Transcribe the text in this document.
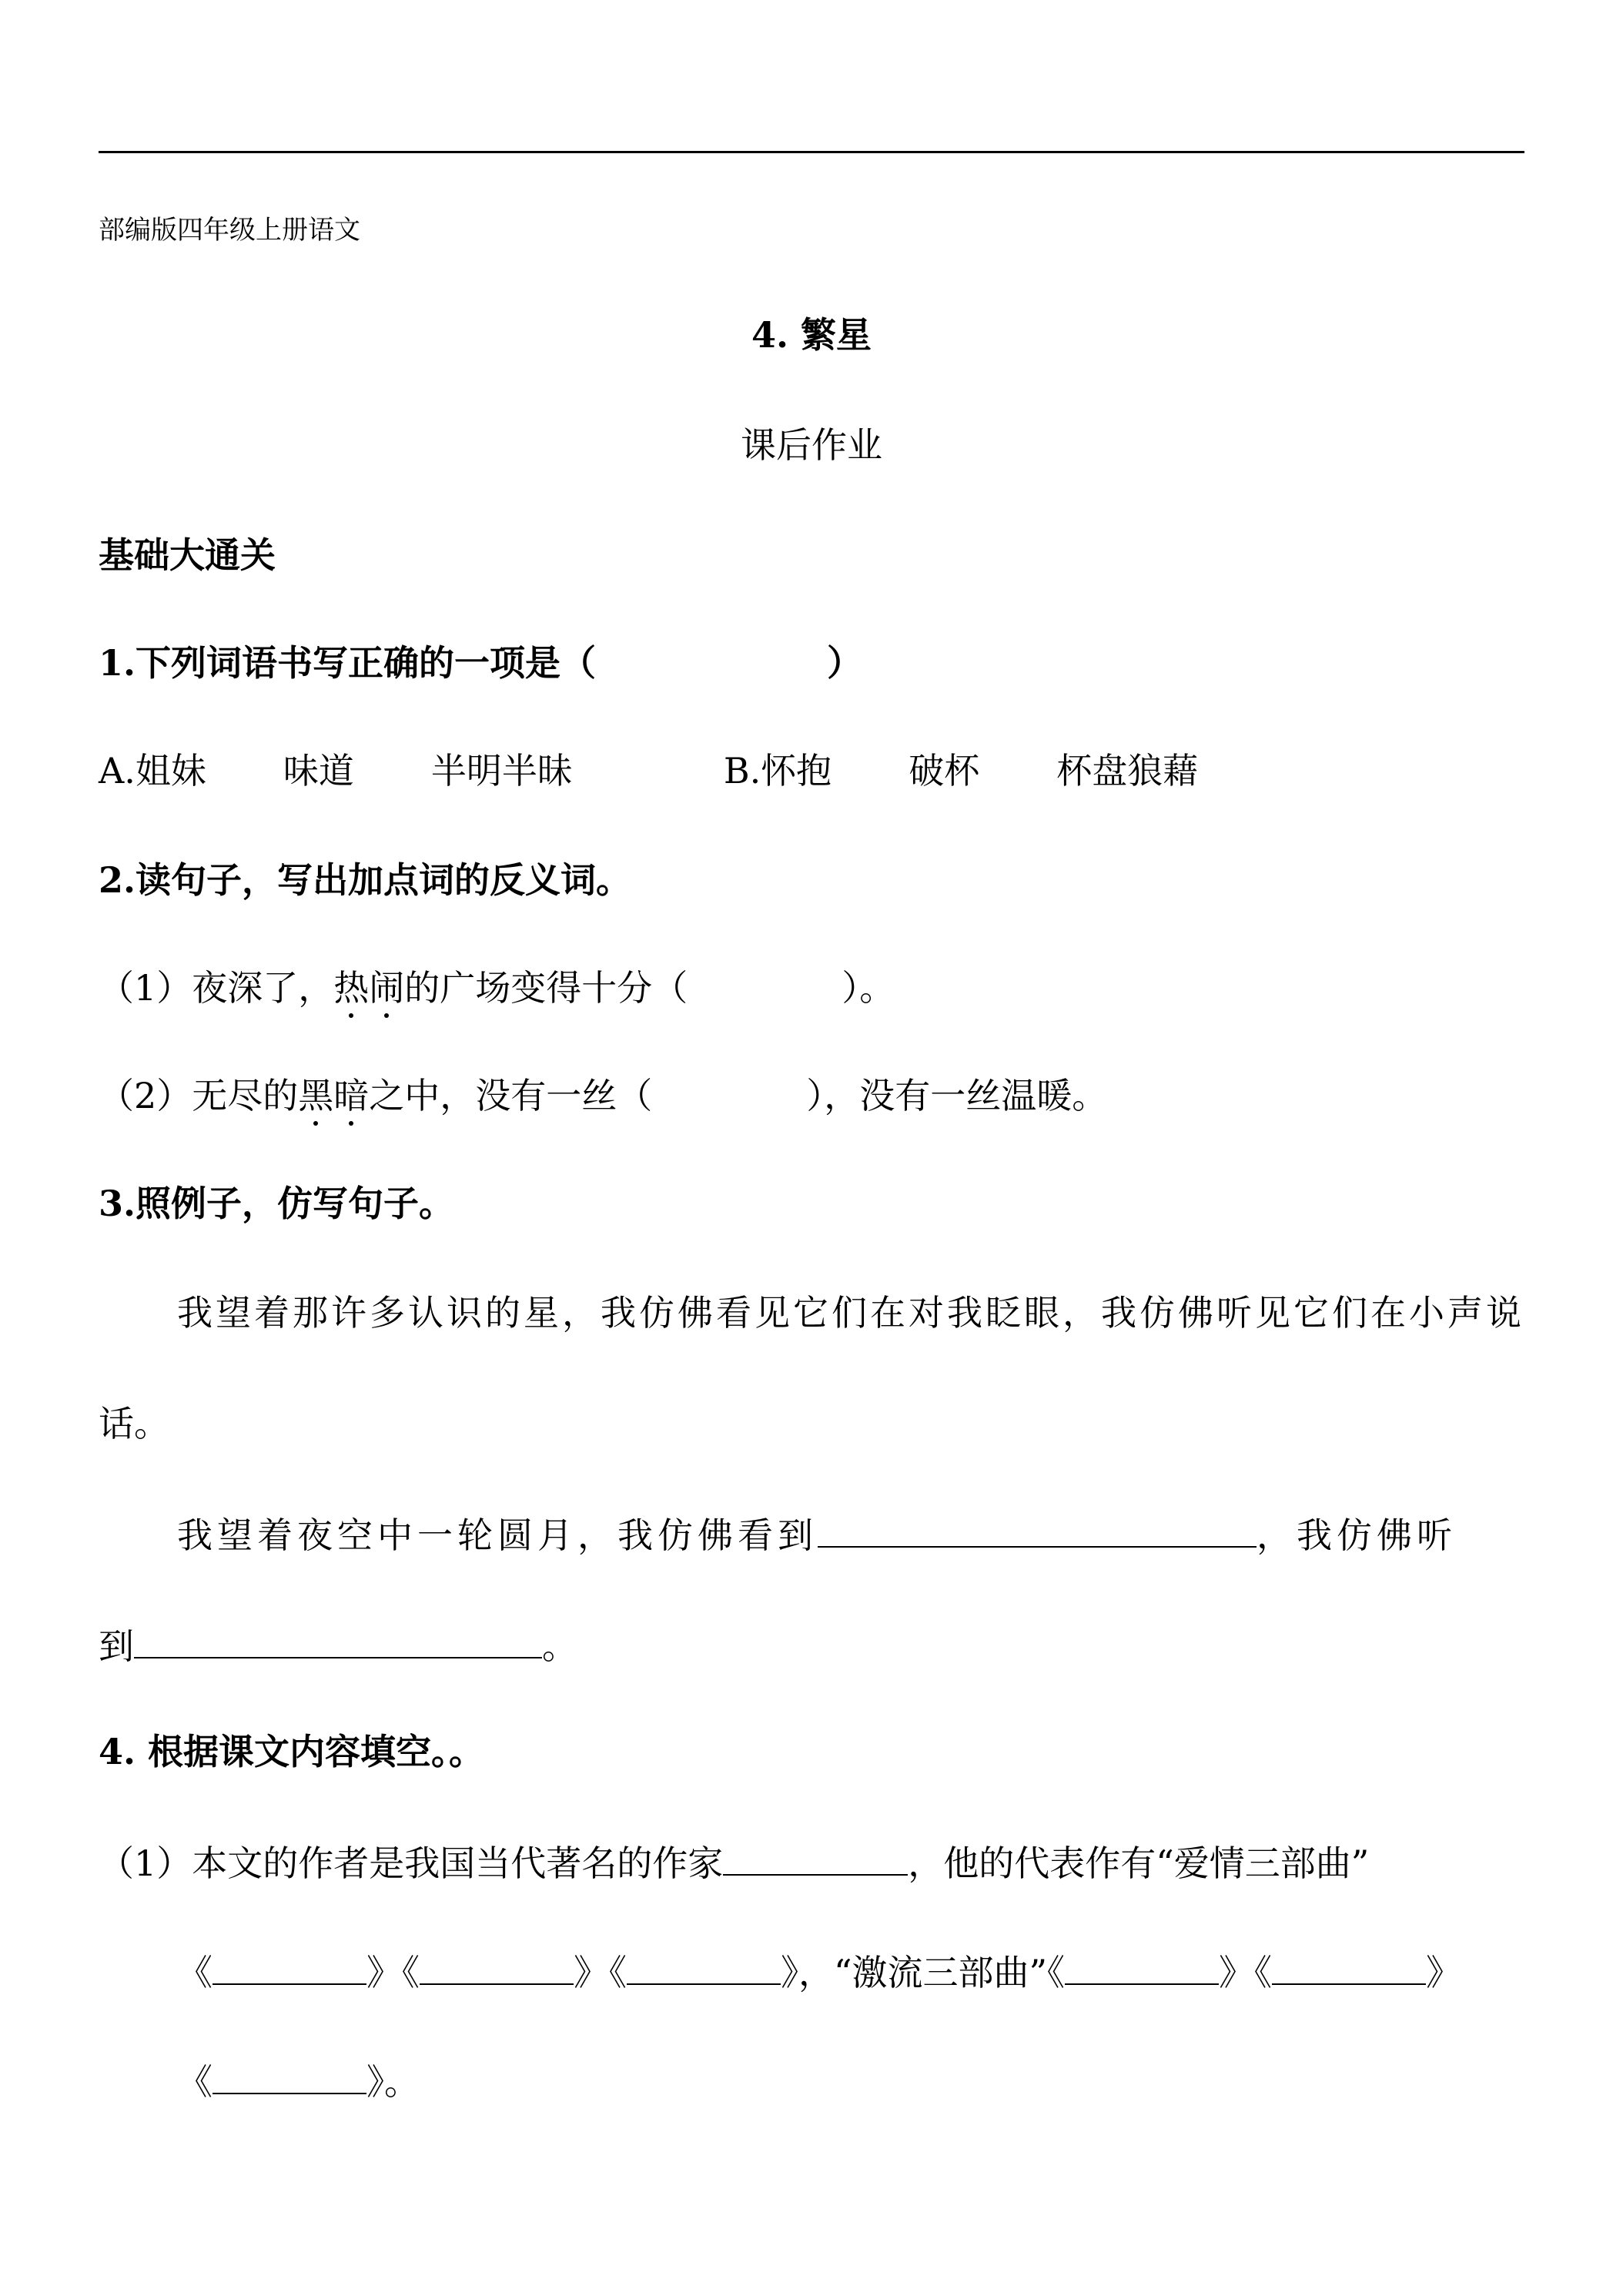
部编版四年级上册语文
4. 繁星
课后作业
基础大通关
1.下列词语书写正确的一项是（	）
A.姐妹 味道 半明半昧	B.怀抱 破杯 杯盘狼藉
2.读句子，写出加点词的反义词。
（1）夜深了，热闹
的广场变得十分（	）。
（2）无尽的黑暗
之中，没有一丝（	），没有一丝温暖。
3.照例子，仿写句子。
我望着那许多认识的星，我仿佛看见它们在对我眨眼，我仿佛听见它们在小声说
话。
我望着夜空中一轮圆月，我仿佛看到	，我仿佛听
到	。
4. 根据课文内容填空。。
（1）本文的作者是我国当代著名的作家	，他的代表作有“爱情三部曲”
《	》《	》《	》，“激流三部曲”《	》《	》
《	》。
